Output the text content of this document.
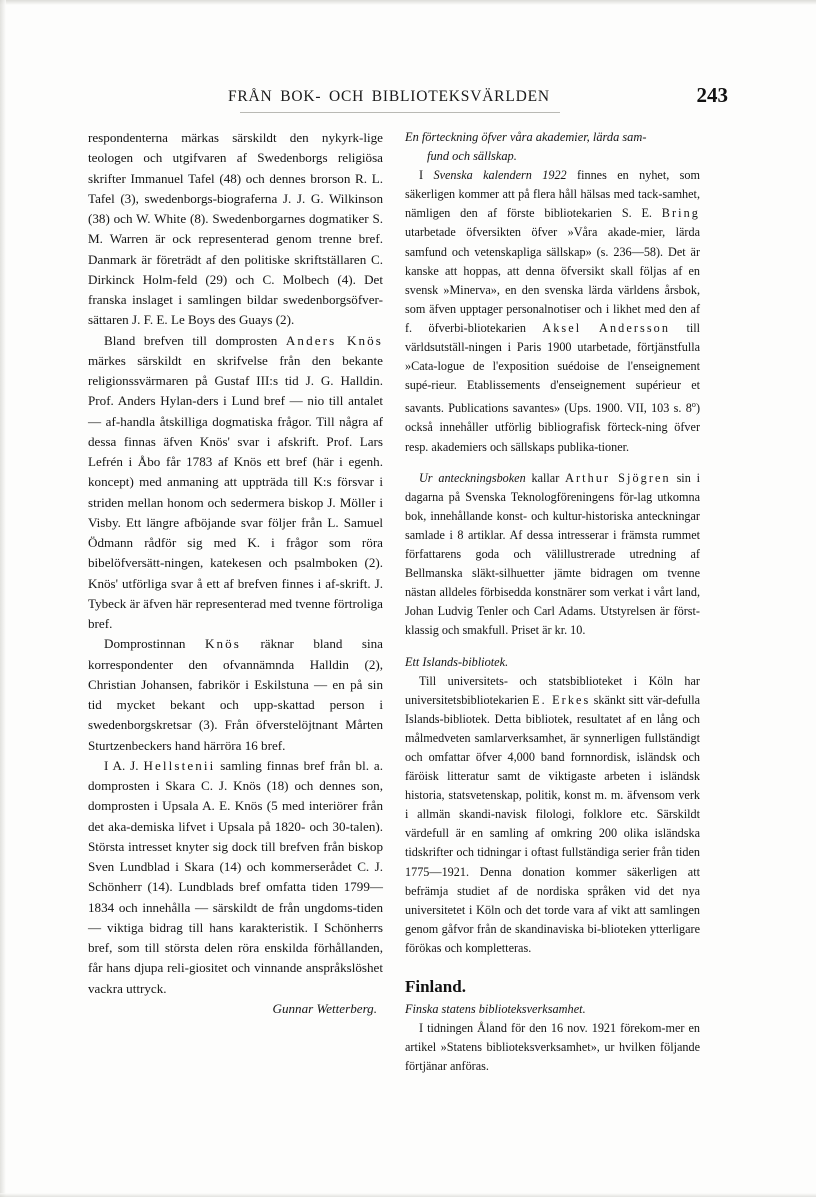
FRÅN BOK- OCH BIBLIOTEKSVÄRLDEN	243

respondenterna märkas särskildt den nykyrk-lige teologen och utgifvaren af Swedenborgs religiösa skrifter Immanuel Tafel (48) och dennes brorson R. L. Tafel (3), swedenborgs-biograferna J. J. G. Wilkinson (38) och W. White (8). Swedenborgarnes dogmatiker S. M. Warren är ock representerad genom trenne bref. Danmark är företrädt af den politiske skriftställaren C. Dirkinck Holm-feld (29) och C. Molbech (4). Det franska inslaget i samlingen bildar swedenborgsöfver-sättaren J. F. E. Le Boys des Guays (2).

Bland brefven till domprosten Anders Knös märkes särskildt en skrifvelse från den bekante religionssvärmaren på Gustaf III:s tid J. G. Halldin. Prof. Anders Hylan-ders i Lund bref — nio till antalet — af-handla åtskilliga dogmatiska frågor. Till några af dessa finnas äfven Knös' svar i afskrift. Prof. Lars Lefrén i Åbo får 1783 af Knös ett bref (här i egenh. koncept) med anmaning att uppträda till K:s försvar i striden mellan honom och sedermera biskop J. Möller i Visby. Ett längre afböjande svar följer från L. Samuel Ödmann rådför sig med K. i frågor som röra bibelöfversätt-ningen, katekesen och psalmboken (2). Knös' utförliga svar å ett af brefven finnes i af-skrift. J. Tybeck är äfven här representerad med tvenne förtroliga bref.

Domprostinnan Knös räknar bland sina korrespondenter den ofvannämnda Halldin (2), Christian Johansen, fabrikör i Eskilstuna — en på sin tid mycket bekant och upp-skattad person i swedenborgskretsar (3). Från öfverstelöjtnant Mårten Sturtzenbeckers hand härröra 16 bref.

I A. J. Hellstenii samling finnas bref från bl. a. domprosten i Skara C. J. Knös (18) och dennes son, domprosten i Upsala A. E. Knös (5 med interiörer från det aka-demiska lifvet i Upsala på 1820- och 30-talen). Största intresset knyter sig dock till brefven från biskop Sven Lundblad i Skara (14) och kommerserådet C. J. Schönherr (14). Lundblads bref omfatta tiden 1799—1834 och innehålla — särskildt de från ungdoms-tiden — viktiga bidrag till hans karakteristik. I Schönherrs bref, som till största delen röra enskilda förhållanden, får hans djupa reli-giositet och vinnande anspråkslöshet vackra uttryck.

Gunnar Wetterberg.

En förteckning öfver våra akademier, lärda sam-
fund och sällskap.

I Svenska kalendern 1922 finnes en nyhet, som säkerligen kommer att på flera håll hälsas med tack-samhet, nämligen den af förste bibliotekarien S. E. Bring utarbetade öfversikten öfver »Våra akade-mier, lärda samfund och vetenskapliga sällskap» (s. 236—58). Det är kanske att hoppas, att denna öfversikt skall följas af en svensk »Minerva», en den svenska lärda världens årsbok, som äfven upptager personalnotiser och i likhet med den af f. öfverbi-bliotekarien Aksel Andersson till världsutställ-ningen i Paris 1900 utarbetade, förtjänstfulla »Cata-logue de l'exposition suédoise de l'enseignement supé-rieur. Etablissements d'enseignement supérieur et savants. Publications savantes» (Ups. 1900. VII, 103 s. 8$^o$) också innehåller utförlig bibliografisk förteck-ning öfver resp. akademiers och sällskaps publika-tioner.

Ur anteckningsboken kallar Arthur Sjögren sin i dagarna på Svenska Teknologföreningens för-lag utkomna bok, innehållande konst- och kultur-historiska anteckningar samlade i 8 artiklar. Af dessa intresserar i främsta rummet författarens goda och välillustrerade utredning af Bellmanska släkt-silhuetter jämte bidragen om tvenne nästan alldeles förbisedda konstnärer som verkat i vårt land, Johan Ludvig Tenler och Carl Adams. Utstyrelsen är först-klassig och smakfull. Priset är kr. 10.

Ett Islands-bibliotek.

Till universitets- och statsbiblioteket i Köln har universitetsbibliotekarien E. Erkes skänkt sitt vär-defulla Islands-bibliotek. Detta bibliotek, resultatet af en lång och målmedveten samlarverksamhet, är synnerligen fullständigt och omfattar öfver 4,000 band fornnordisk, isländsk och färöisk litteratur samt de viktigaste arbeten i isländsk historia, statsvetenskap, politik, konst m. m. äfvensom verk i allmän skandi-navisk filologi, folklore etc. Särskildt värdefull är en samling af omkring 200 olika isländska tidskrifter och tidningar i oftast fullständiga serier från tiden 1775—1921. Denna donation kommer säkerligen att befrämja studiet af de nordiska språken vid det nya universitetet i Köln och det torde vara af vikt att samlingen genom gåfvor från de skandinaviska bi-blioteken ytterligare förökas och kompletteras.

Finland.

Finska statens biblioteksverksamhet.

I tidningen Åland för den 16 nov. 1921 förekom-mer en artikel »Statens biblioteksverksamhet», ur hvilken följande förtjänar anföras.
